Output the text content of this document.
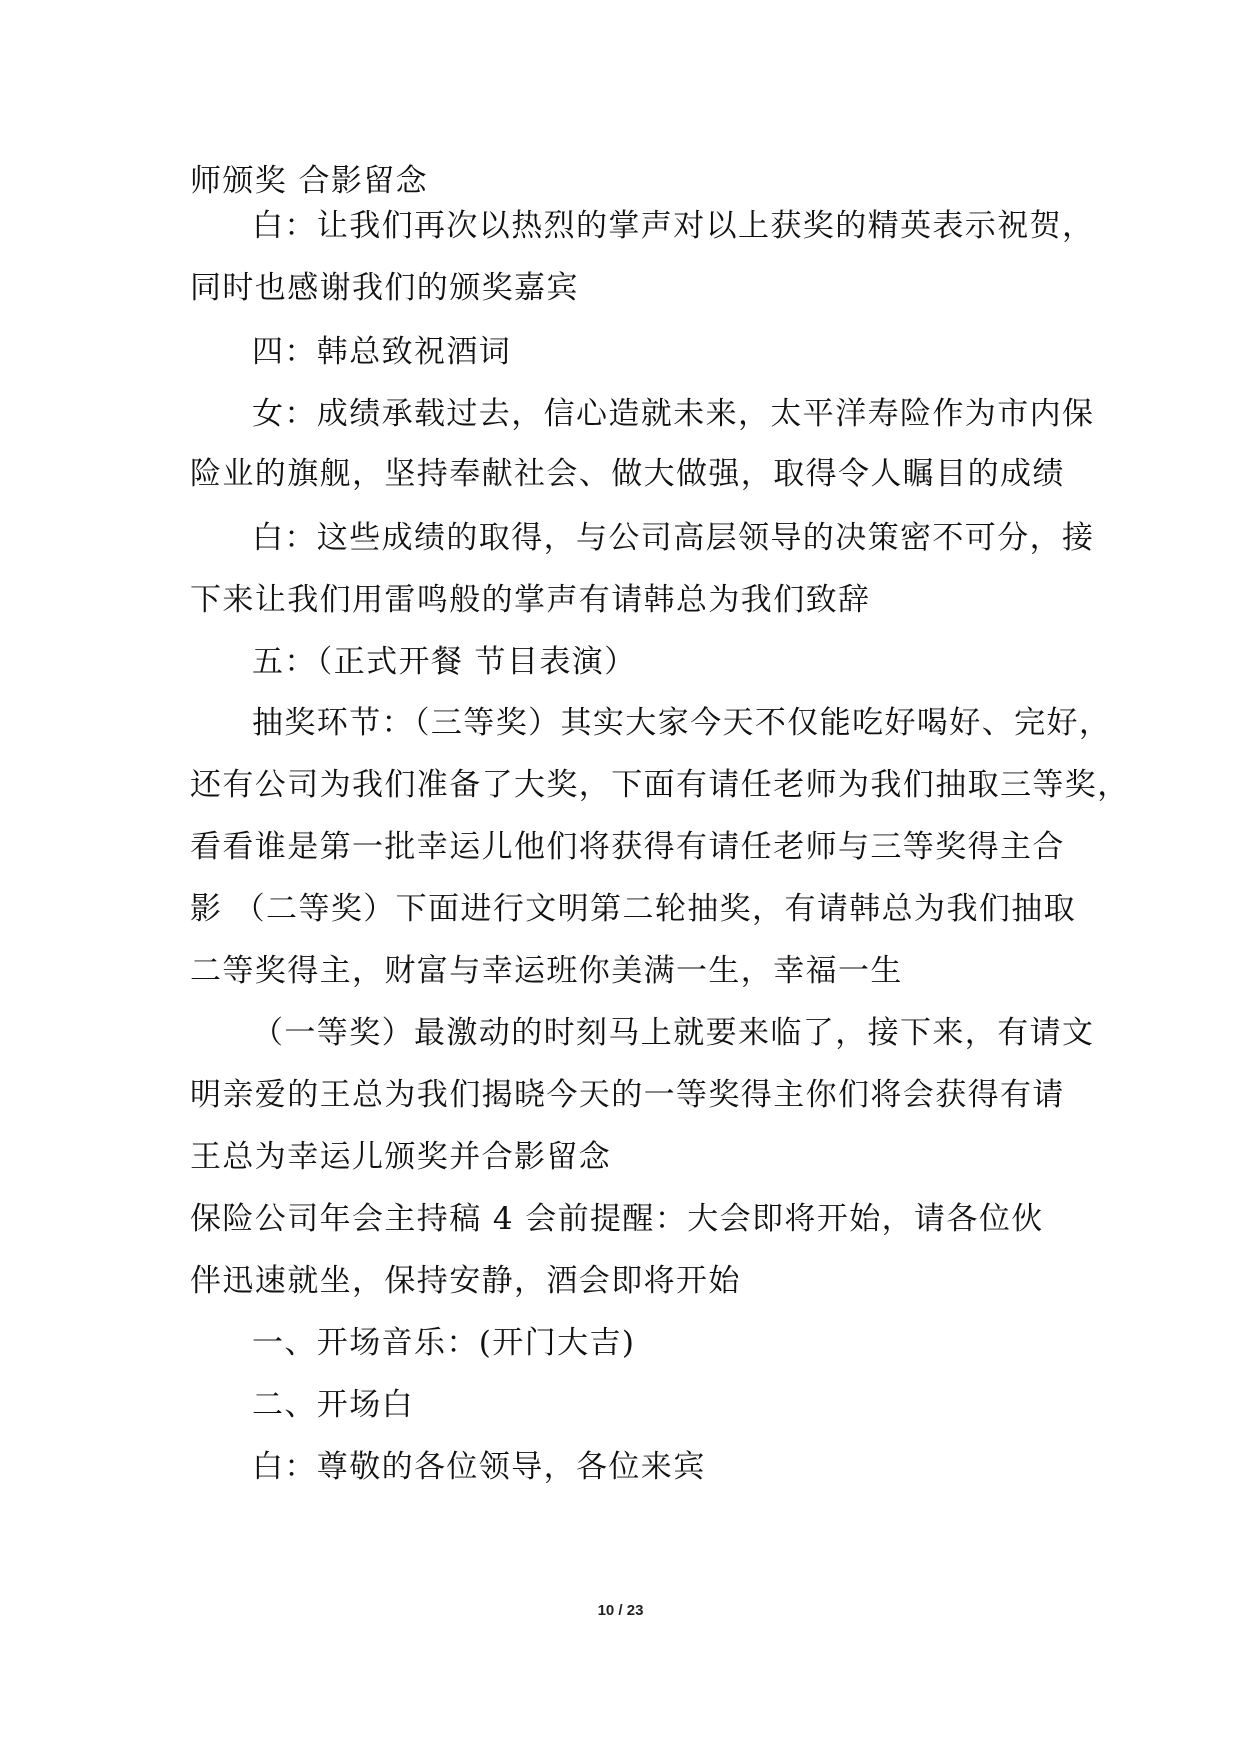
师颁奖 合影留念
白：让我们再次以热烈的掌声对以上获奖的精英表示祝贺，
同时也感谢我们的颁奖嘉宾
四：韩总致祝酒词
女：成绩承载过去，信心造就未来，太平洋寿险作为市内保
险业的旗舰，坚持奉献社会、做大做强，取得令人瞩目的成绩
白：这些成绩的取得，与公司高层领导的决策密不可分，接
下来让我们用雷鸣般的掌声有请韩总为我们致辞
五：（正式开餐 节目表演）
抽奖环节：（三等奖）其实大家今天不仅能吃好喝好、完好，
还有公司为我们准备了大奖，下面有请任老师为我们抽取三等奖，
看看谁是第一批幸运儿他们将获得有请任老师与三等奖得主合
影 （二等奖）下面进行文明第二轮抽奖，有请韩总为我们抽取
二等奖得主，财富与幸运班你美满一生，幸福一生
（一等奖）最激动的时刻马上就要来临了，接下来，有请文
明亲爱的王总为我们揭晓今天的一等奖得主你们将会获得有请
王总为幸运儿颁奖并合影留念
保险公司年会主持稿 4 会前提醒：大会即将开始，请各位伙
伴迅速就坐，保持安静，酒会即将开始
一、开场音乐：(开门大吉)
二、开场白
白：尊敬的各位领导，各位来宾
10 / 23
